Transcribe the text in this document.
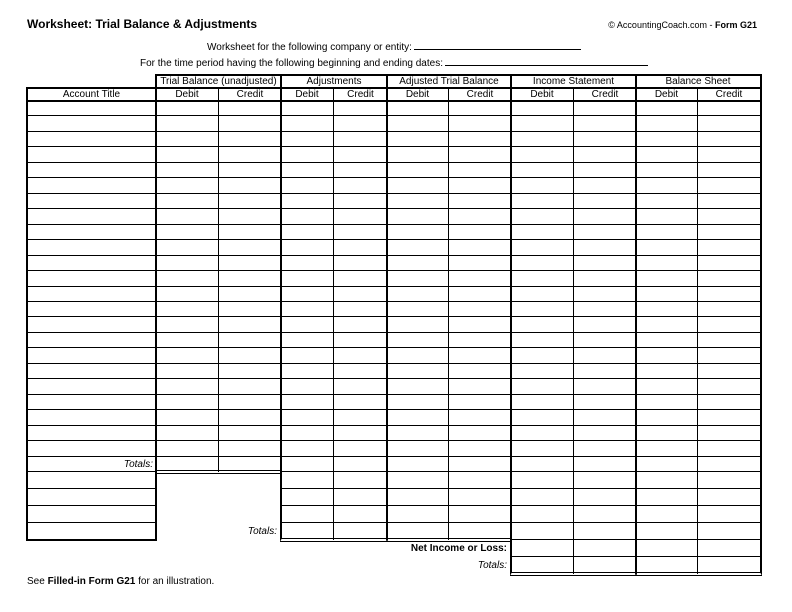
Worksheet: Trial Balance & Adjustments	© AccountingCoach.com - Form G21
Worksheet for the following company or entity:
For the time period having the following beginning and ending dates:
Trial Balance (unadjusted)	Adjustments	Adjusted Trial Balance	Income Statement	Balance Sheet
Account Title	Debit	Credit	Debit	Credit	Debit	Credit	Debit	Credit	Debit	Credit
Totals:
Totals:
Net Income or Loss:
Totals:
See Filled-in Form G21 for an illustration.
